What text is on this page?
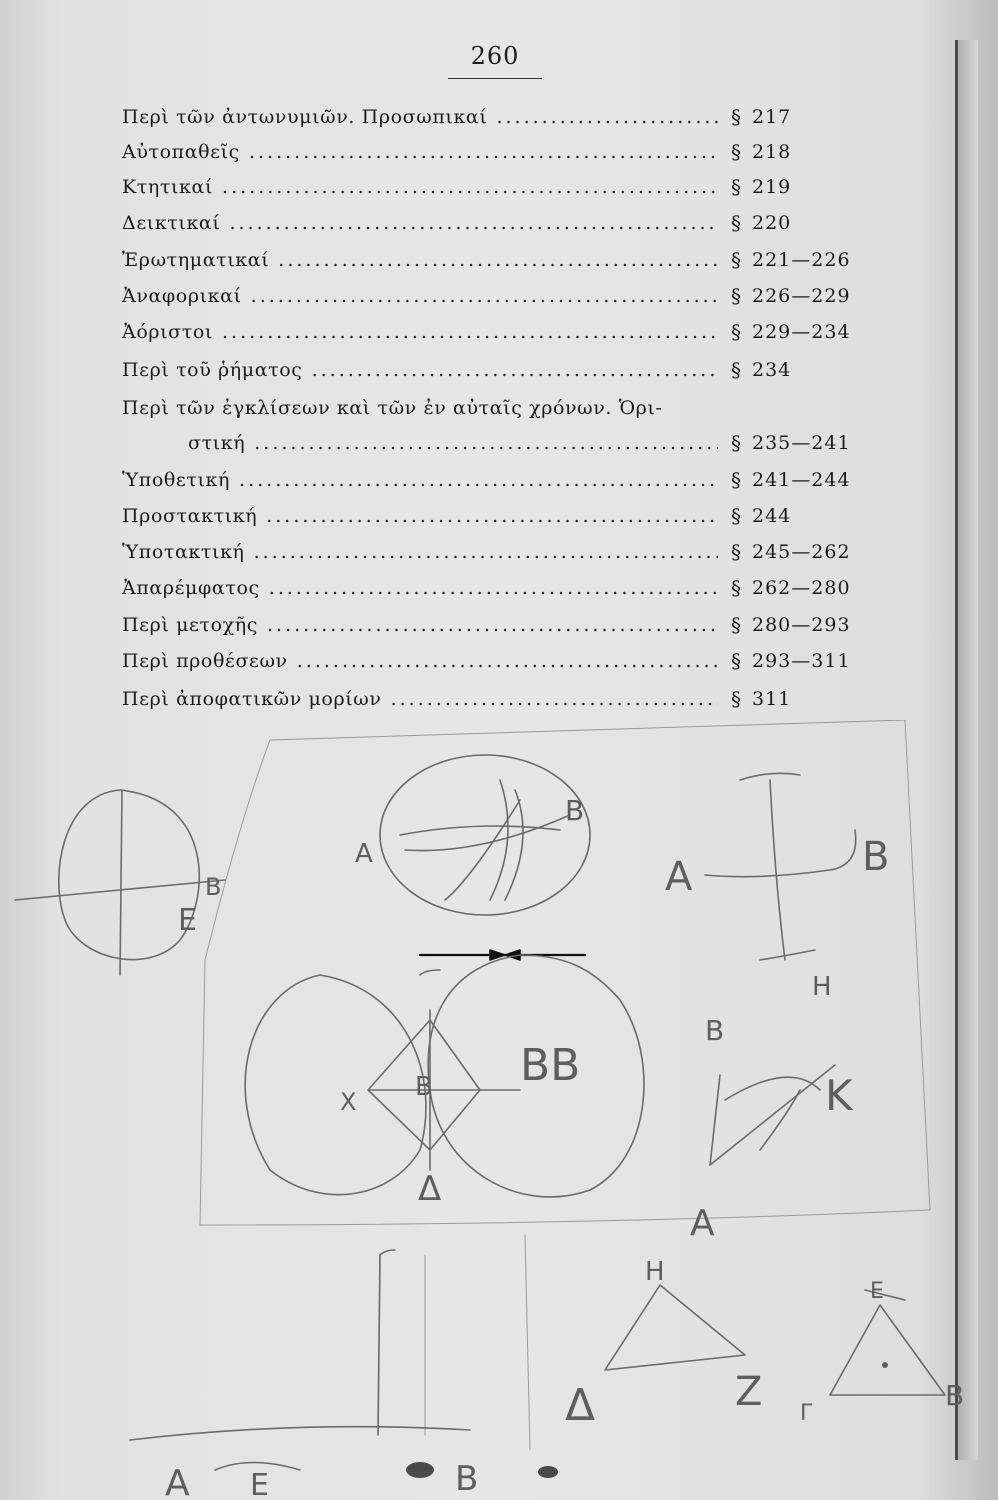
260
Περὶ τῶν ἀντωνυμιῶν. Προσωπικαί .....	§ 217
Αὐτοπαθεῖς .....	§ 218
Κτητικαί .....	§ 219
Δεικτικαί .....	§ 220
Ἐρωτηματικαί .....	§ 221—226
Ἀναφορικαί .....	§ 226—229
Ἀόριστοι .....	§ 229—234
Περὶ τοῦ ῥήματος .....	§ 234
Περὶ τῶν ἐγκλίσεων καὶ τῶν ἐν αὐταῖς χρόνων. Ὁρι-
στική .....	§ 235—241
Ὑποθετική .....	§ 241—244
Προστακτική .....	§ 244
Ὑποτακτική .....	§ 245—262
Ἀπαρέμφατος .....	§ 262—280
Περὶ μετοχῆς .....	§ 280—293
Περὶ προθέσεων .....	§ 293—311
Περὶ ἀποφατικῶν μορίων .....	§ 311
E
B
A
B
A	B
H
X B BB
Δ
B
K
A
A E	B
H
Δ	Z
E
B
Γ
